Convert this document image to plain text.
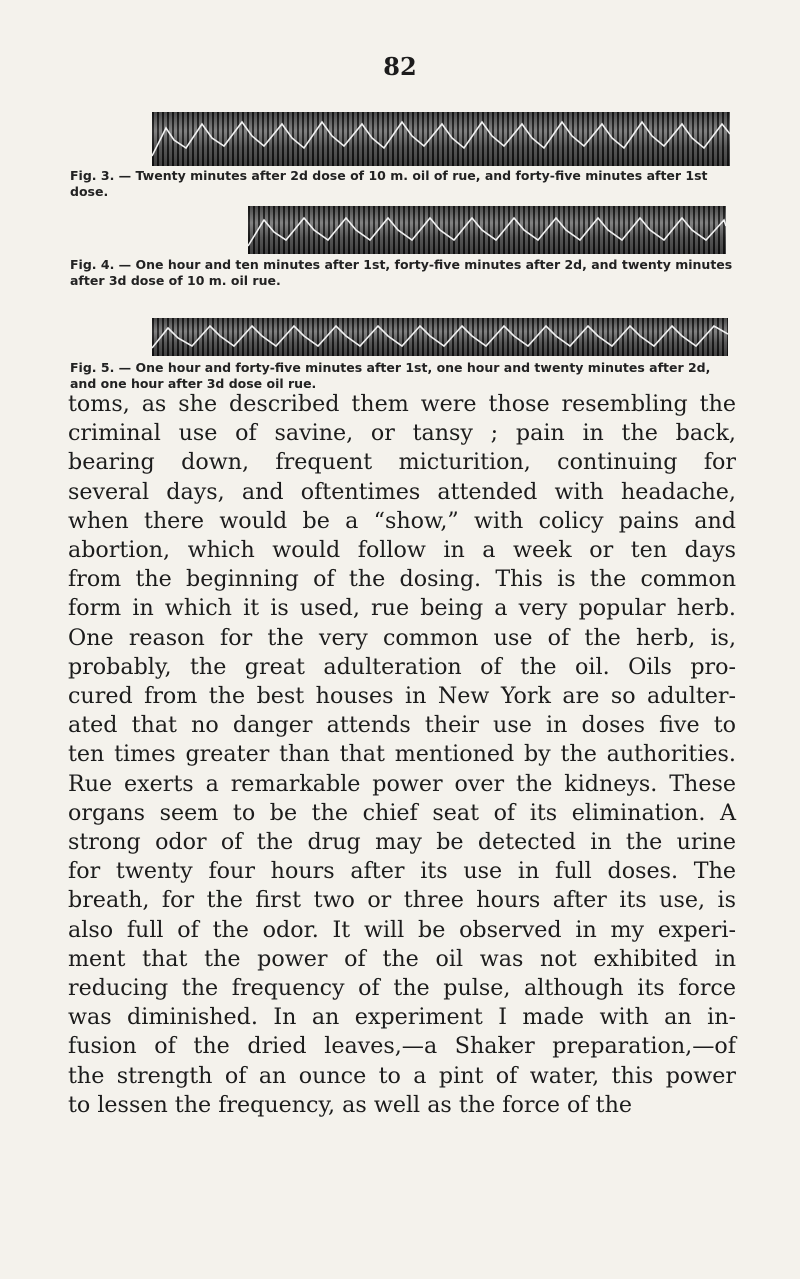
82
Fig. 3. — Twenty minutes after 2d dose of 10 m. oil of rue, and forty-five minutes after 1st dose.
Fig. 4. — One hour and ten minutes after 1st, forty-five minutes after 2d, and twenty minutes after 3d dose of 10 m. oil rue.
Fig. 5. — One hour and forty-five minutes after 1st, one hour and twenty minutes after 2d, and one hour after 3d dose oil rue.
toms, as she described them were those resembling the
criminal use of savine, or tansy ; pain in the back,
bearing down, frequent micturition, continuing for
several days, and oftentimes attended with headache,
when there would be a “show,” with colicy pains and
abortion, which would follow in a week or ten days
from the beginning of the dosing. This is the common
form in which it is used, rue being a very popular herb.
One reason for the very common use of the herb, is,
probably, the great adulteration of the oil. Oils pro-
cured from the best houses in New York are so adulter-
ated that no danger attends their use in doses five to
ten times greater than that mentioned by the authorities.
Rue exerts a remarkable power over the kidneys. These
organs seem to be the chief seat of its elimination. A
strong odor of the drug may be detected in the urine
for twenty four hours after its use in full doses. The
breath, for the first two or three hours after its use, is
also full of the odor. It will be observed in my experi-
ment that the power of the oil was not exhibited in
reducing the frequency of the pulse, although its force
was diminished. In an experiment I made with an in-
fusion of the dried leaves,—a Shaker preparation,—of
the strength of an ounce to a pint of water, this power
to lessen the frequency, as well as the force of the
